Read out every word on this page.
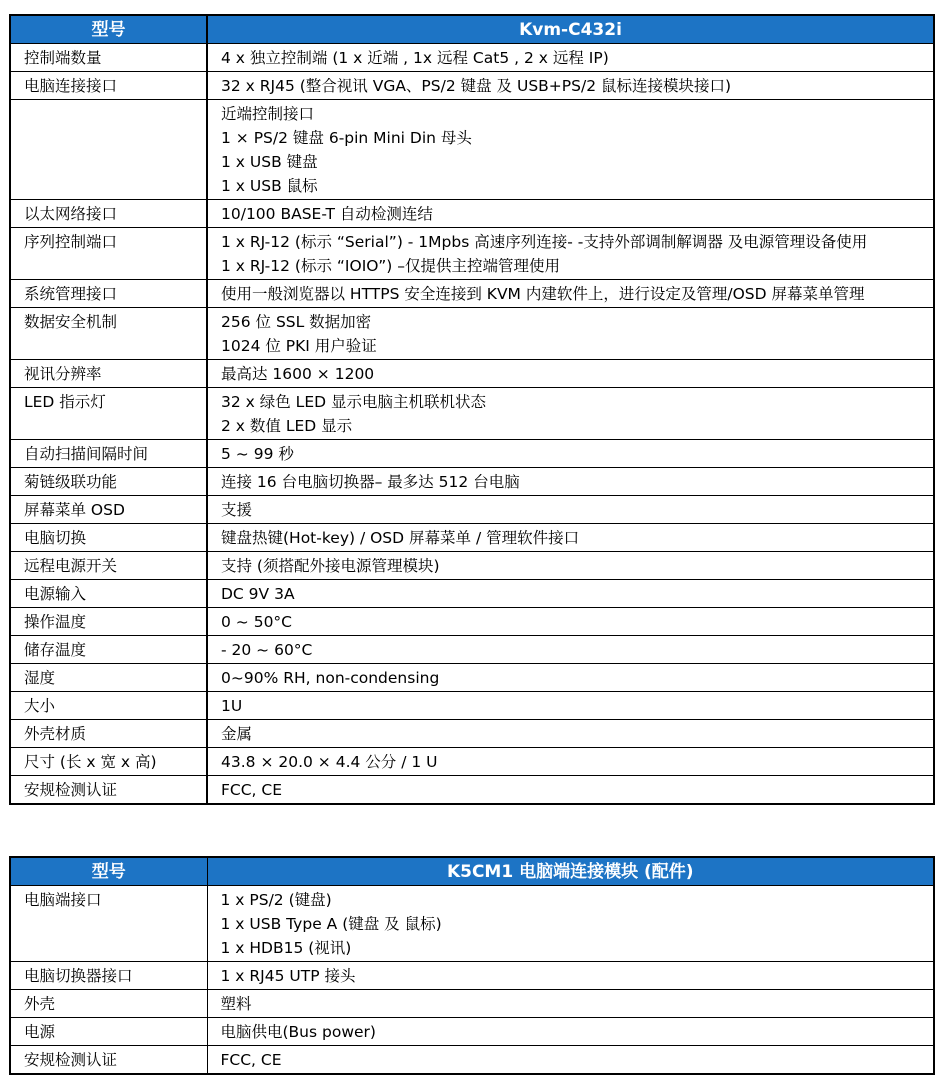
型号	Kvm-C432i
控制端数量	4 x 独立控制端 (1 x 近端 , 1x 远程 Cat5 , 2 x 远程 IP)

电脑连接接口	32 x RJ45 (整合视讯 VGA、PS/2 键盘 及 USB+PS/2 鼠标连接模块接口)

	近端控制接口
1 × PS/2 键盘 6-pin Mini Din 母头
1 x USB 键盘
1 x USB 鼠标

以太网络接口	10/100 BASE-T 自动检测连结

序列控制端口	1 x RJ-12 (标示 “Serial”) - 1Mpbs 高速序列连接- -支持外部调制解调器 及电源管理设备使用
1 x RJ-12 (标示 “IOIO”) –仅提供主控端管理使用

系统管理接口	使用一般浏览器以 HTTPS 安全连接到 KVM 内建软件上，进行设定及管理/OSD 屏幕菜单管理

数据安全机制	256 位 SSL 数据加密
1024 位 PKI 用户验证

视讯分辨率	最高达 1600 × 1200

LED 指示灯	32 x 绿色 LED 显示电脑主机联机状态
2 x 数值 LED 显示

自动扫描间隔时间	5 ~ 99 秒

菊链级联功能	连接 16 台电脑切换器– 最多达 512 台电脑

屏幕菜单 OSD	支援

电脑切换	键盘热键(Hot-key) / OSD 屏幕菜单 / 管理软件接口

远程电源开关	支持 (须搭配外接电源管理模块)

电源输入	DC 9V 3A

操作温度	0 ~ 50°C

储存温度	- 20 ~ 60°C

湿度	0~90% RH, non-condensing

大小	1U

外壳材质	金属

尺寸 (长 x 宽 x 高)	43.8 × 20.0 × 4.4 公分 / 1 U

安规检测认证	FCC, CE
型号	K5CM1 电脑端连接模块 (配件)
电脑端接口	1 x PS/2 (键盘)
1 x USB Type A (键盘 及 鼠标)
1 x HDB15 (视讯)

电脑切换器接口	1 x RJ45 UTP 接头

外壳	塑料

电源	电脑供电(Bus power)

安规检测认证	FCC, CE
